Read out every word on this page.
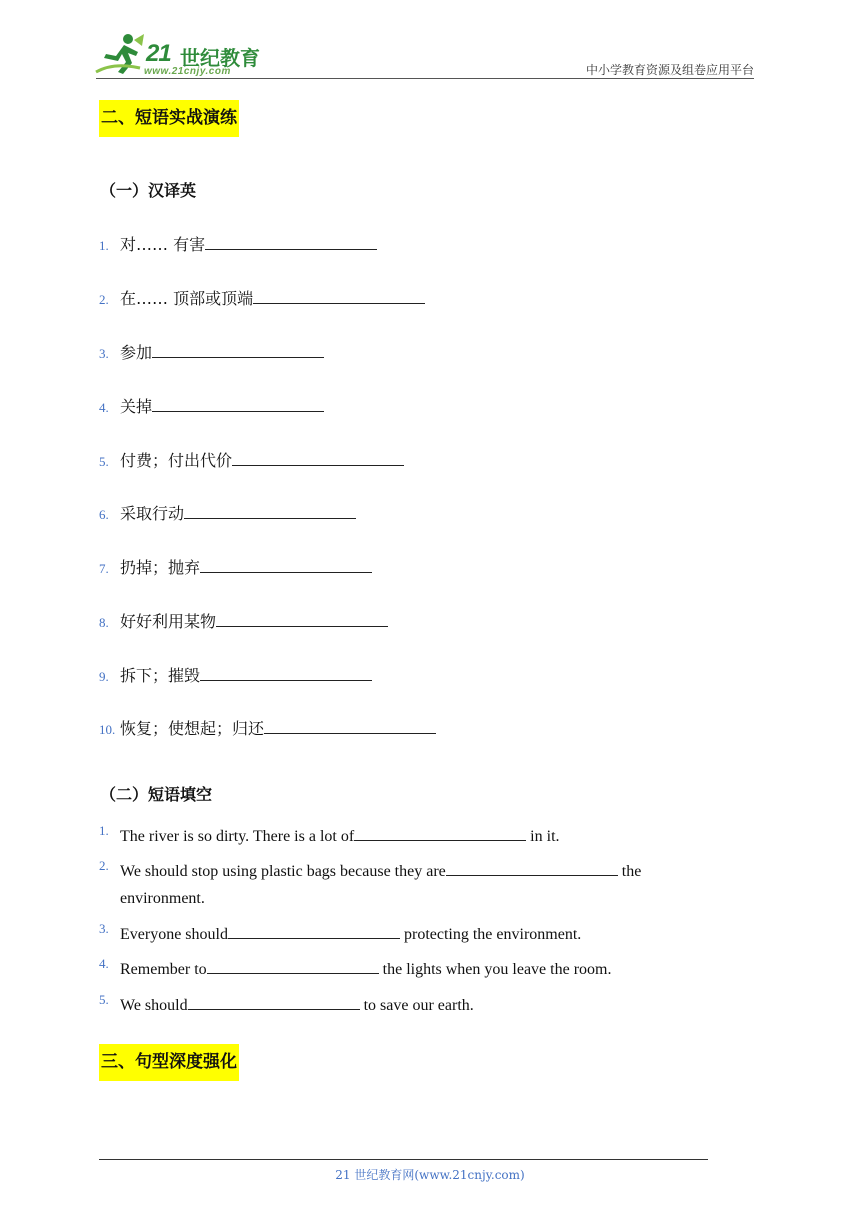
21 世纪教育
www.21cnjy.com	中小学教育资源及组卷应用平台
二、短语实战演练
（一）汉译英
1. 对…… 有害
2. 在…… 顶部或顶端
3. 参加
4. 关掉
5. 付费；付出代价
6. 采取行动
7. 扔掉；抛弃
8. 好好利用某物
9. 拆下；摧毁
10. 恢复；使想起；归还
（二）短语填空
1. The river is so dirty. There is a lot of	in it.
2. We should stop using plastic bags because they are	the environment.
3. Everyone should	protecting the environment.
4. Remember to	the lights when you leave the room.
5. We should	to save our earth.
三、句型深度强化
21 世纪教育网(www.21cnjy.com)
